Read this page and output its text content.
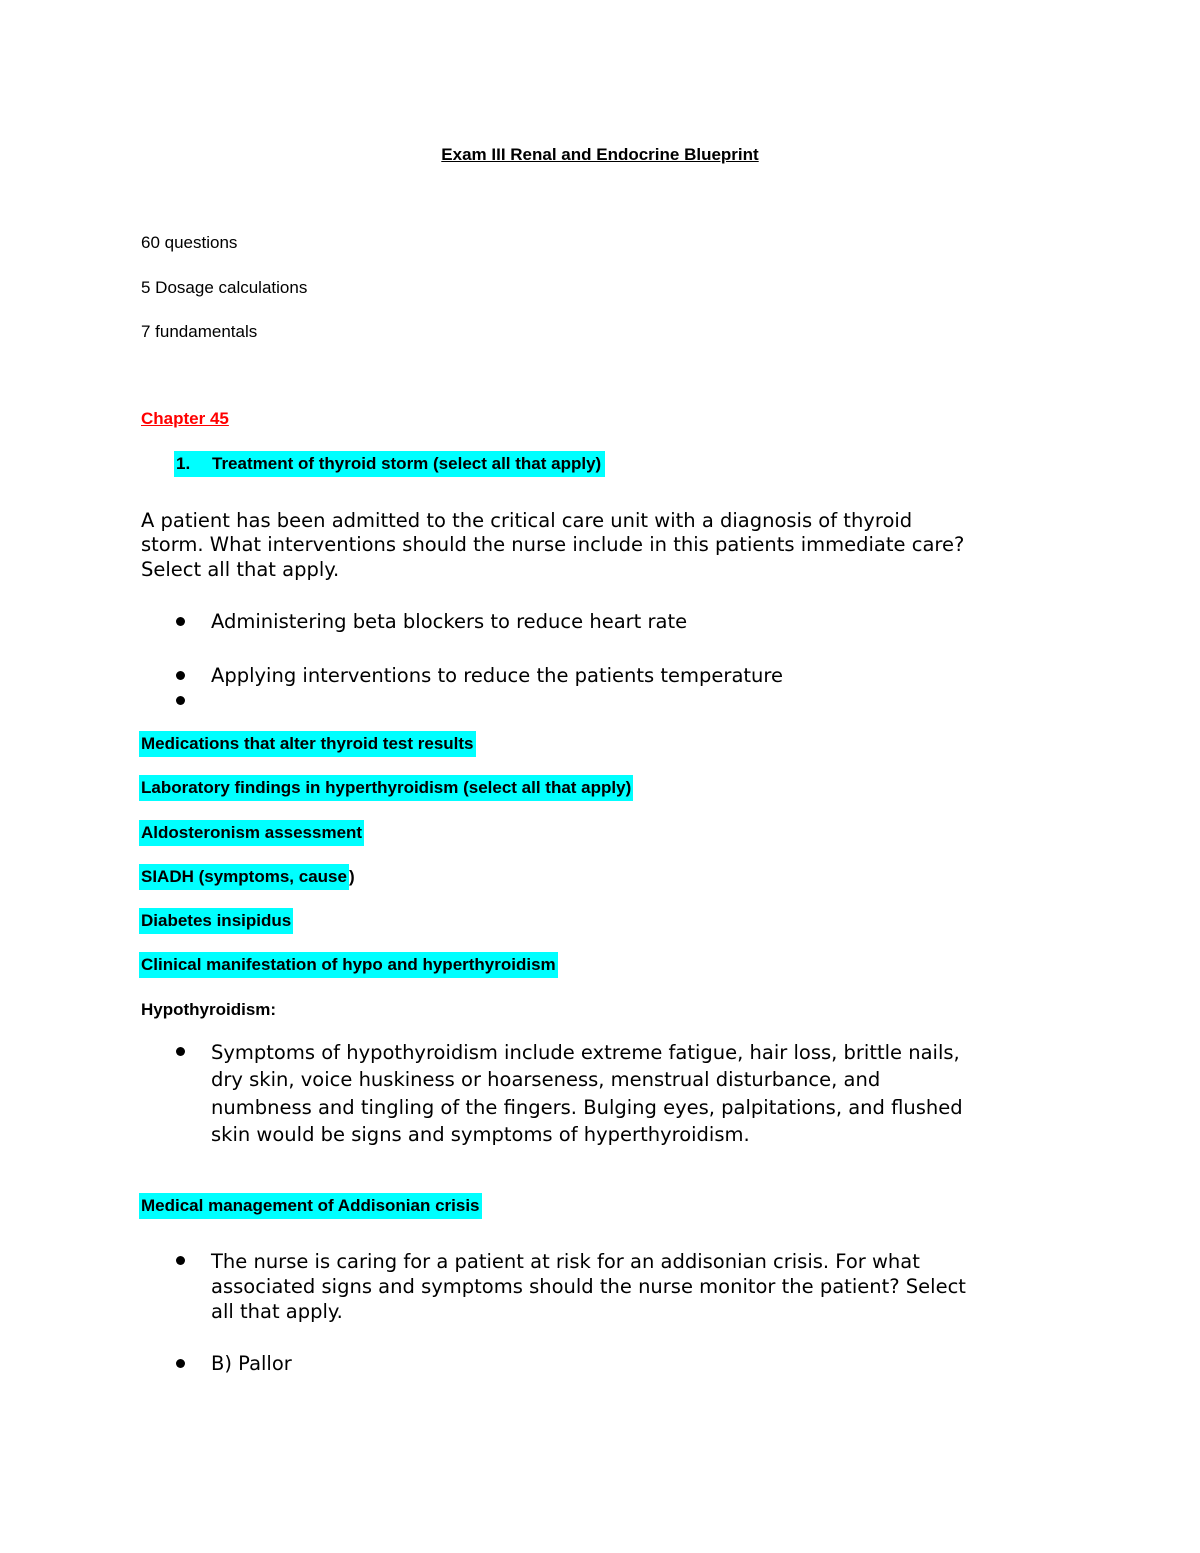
Exam III Renal and Endocrine Blueprint
60 questions
5 Dosage calculations
7 fundamentals
Chapter 45
1. Treatment of thyroid storm (select all that apply)
A patient has been admitted to the critical care unit with a diagnosis of thyroid
storm. What interventions should the nurse include in this patients immediate care?
Select all that apply.
Administering beta blockers to reduce heart rate
Applying interventions to reduce the patients temperature
Medications that alter thyroid test results
Laboratory findings in hyperthyroidism (select all that apply)
Aldosteronism assessment
SIADH (symptoms, cause )
Diabetes insipidus
Clinical manifestation of hypo and hyperthyroidism
Hypothyroidism:
Symptoms of hypothyroidism include extreme fatigue, hair loss, brittle nails,
dry skin, voice huskiness or hoarseness, menstrual disturbance, and
numbness and tingling of the fingers. Bulging eyes, palpitations, and flushed
skin would be signs and symptoms of hyperthyroidism.
Medical management of Addisonian crisis
The nurse is caring for a patient at risk for an addisonian crisis. For what
associated signs and symptoms should the nurse monitor the patient? Select
all that apply.
B) Pallor
